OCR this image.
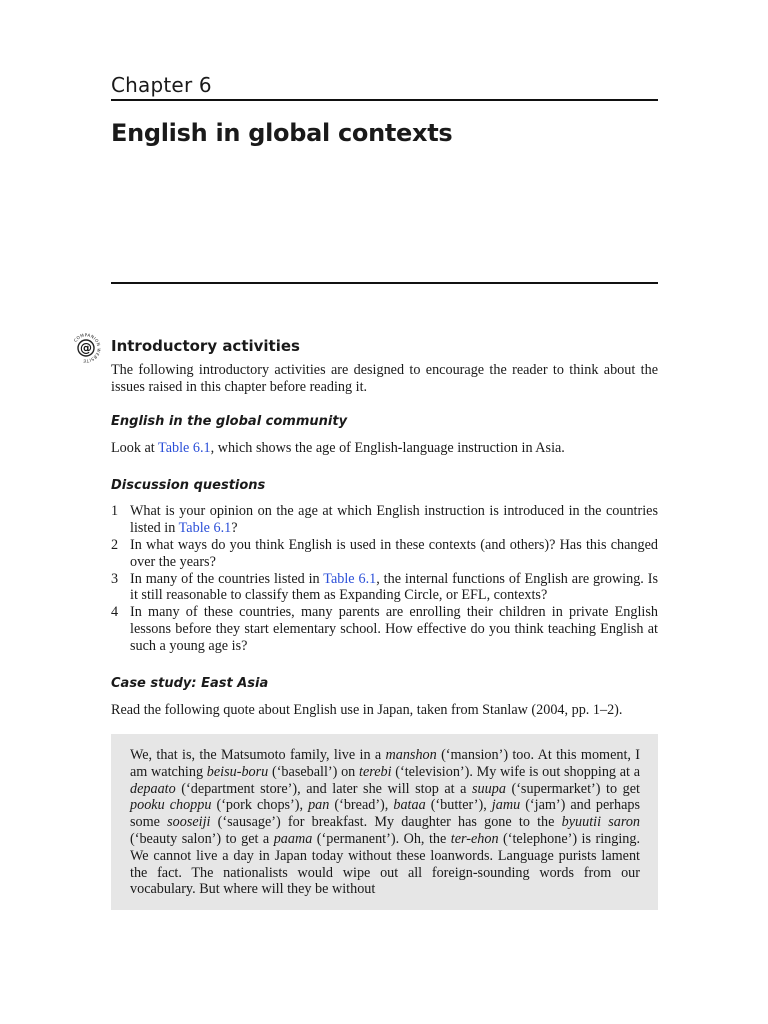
Chapter 6
English in global contexts
Introductory activities

The following introductory activities are designed to encourage the reader to think about the issues raised in this chapter before reading it.

English in the global community

Look at Table 6.1, which shows the age of English-language instruction in Asia.

Discussion questions
1 What is your opinion on the age at which English instruction is introduced in the countries listed in Table 6.1?
2 In what ways do you think English is used in these contexts (and others)? Has this changed over the years?
3 In many of the countries listed in Table 6.1, the internal functions of English are growing. Is it still reasonable to classify them as Expanding Circle, or EFL, contexts?
4 In many of these countries, many parents are enrolling their children in private English lessons before they start elementary school. How effective do you think teaching English at such a young age is?
Case study: East Asia

Read the following quote about English use in Japan, taken from Stanlaw (2004, pp. 1–2).

We, that is, the Matsumoto family, live in a manshon (‘mansion’) too. At this moment, I am watching beisu-boru (‘baseball’) on terebi (‘television’). My wife is out shopping at a depaato (‘department store’), and later she will stop at a suupa (‘supermarket’) to get pooku choppu (‘pork chops’), pan (‘bread’), bataa (‘butter’), jamu (‘jam’) and perhaps some sooseiji (‘sausage’) for breakfast. My daughter has gone to the byuutii saron (‘beauty salon’) to get a paama (‘permanent’). Oh, the ter-ehon (‘telephone’) is ringing. We cannot live a day in Japan today without these loanwords. Language purists lament the fact. The nationalists would wipe out all foreign-sounding words from our vocabulary. But where will they be without

@
COMPANION WEBSITE
